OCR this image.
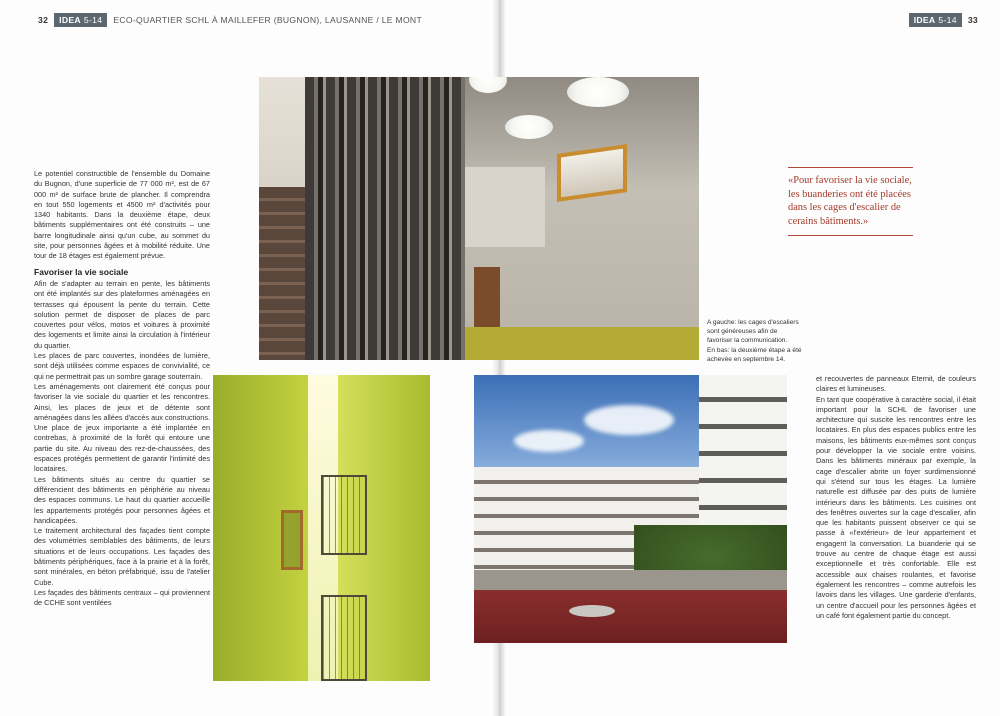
32	IDEA 5-14	ECO-QUARTIER SCHL À MAILLEFER (BUGNON), LAUSANNE / LE MONT	IDEA 5-14	33

Le potentiel constructible de l'ensemble du Domaine du Bugnon, d'une superficie de 77 000 m², est de 67 000 m² de surface brute de plancher. Il comprendra en tout 550 logements et 4500 m² d'activités pour 1340 habitants. Dans la deuxième étape, deux bâtiments supplémentaires ont été construits – une barre longitudinale ainsi qu'un cube, au sommet du site, pour personnes âgées et à mobilité réduite. Une tour de 18 étages est également prévue.

Favoriser la vie sociale

Afin de s'adapter au terrain en pente, les bâtiments ont été implantés sur des plateformes aménagées en terrasses qui épousent la pente du terrain. Cette solution permet de disposer de places de parc couvertes pour vélos, motos et voitures à proximité des logements et limite ainsi la circulation à l'intérieur du quartier.

Les places de parc couvertes, inondées de lumière, sont déjà utilisées comme espaces de convivialité, ce qui ne permettrait pas un sombre garage souterrain.

Les aménagements ont clairement été conçus pour favoriser la vie sociale du quartier et les rencontres. Ainsi, les places de jeux et de détente sont aménagées dans les allées d'accès aux constructions. Une place de jeux importante a été implantée en contrebas, à proximité de la forêt qui entoure une partie du site. Au niveau des rez-de-chaussées, des espaces protégés permettent de garantir l'intimité des locataires.

Les bâtiments situés au centre du quartier se différencient des bâtiments en périphérie au niveau des espaces communs. Le haut du quartier accueille les appartements protégés pour personnes âgées et handicapées.

Le traitement architectural des façades tient compte des volumétries semblables des bâtiments, de leurs situations et de leurs occupations. Les façades des bâtiments périphériques, face à la prairie et à la forêt, sont minérales, en béton préfabriqué, issu de l'atelier Cube.

Les façades des bâtiments centraux – qui proviennent de CCHE sont ventilées

«Pour favoriser la vie sociale, les buanderies ont été placées dans les cages d'escalier de cerains bâtiments.»

A gauche: les cages d'escaliers sont généreuses afin de favoriser la communication.

En bas: la deuxième étape a été achevée en septembre 14.

et recouvertes de panneaux Eternit, de couleurs claires et lumineuses.

En tant que coopérative à caractère social, il était important pour la SCHL de favoriser une architecture qui suscite les rencontres entre les locataires. En plus des espaces publics entre les maisons, les bâtiments eux-mêmes sont conçus pour développer la vie sociale entre voisins. Dans les bâtiments minéraux par exemple, la cage d'escalier abrite un foyer surdimensionné qui s'étend sur tous les étages. La lumière naturelle est diffusée par des puits de lumière intérieurs dans les bâtiments. Les cuisines ont des fenêtres ouvertes sur la cage d'escalier, afin que les habitants puissent observer ce qui se passe à «l'extérieur» de leur appartement et engagent la conversation. La buanderie qui se trouve au centre de chaque étage est aussi exceptionnelle et très confortable. Elle est accessible aux chaises roulantes, et favorise également les rencontres – comme autrefois les lavoirs dans les villages. Une garderie d'enfants, un centre d'accueil pour les personnes âgées et un café font également partie du concept.
